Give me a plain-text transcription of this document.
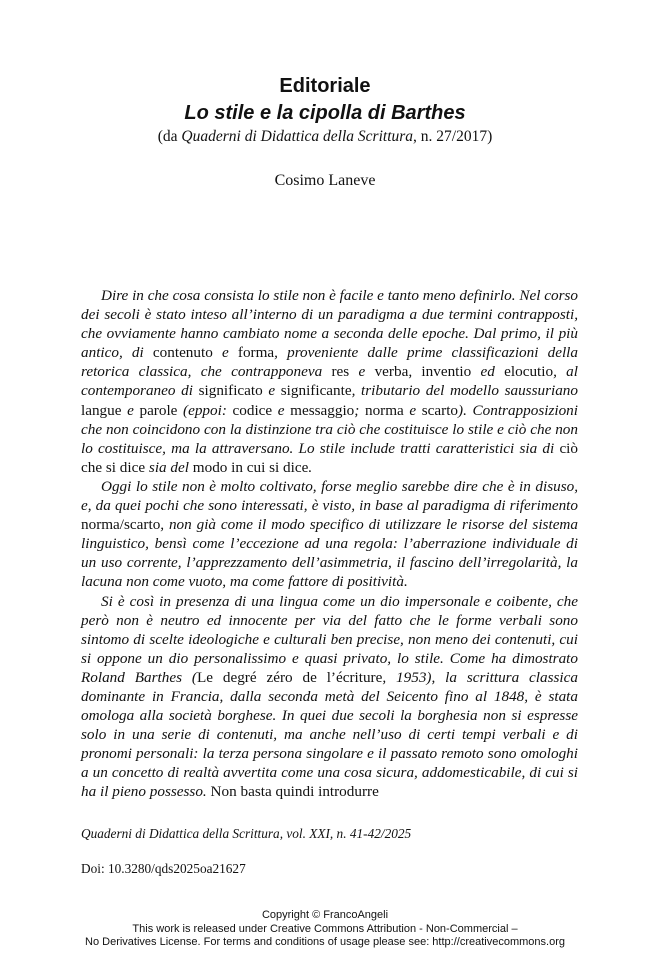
Editoriale
Lo stile e la cipolla di Barthes
(da Quaderni di Didattica della Scrittura, n. 27/2017)
Cosimo Laneve

Dire in che cosa consista lo stile non è facile e tanto meno definirlo. Nel corso dei secoli è stato inteso all’interno di un paradigma a due termini contrapposti, che ovviamente hanno cambiato nome a seconda delle epoche. Dal primo, il più antico, di contenuto e forma, proveniente dalle prime classificazioni della retorica classica, che contrapponeva res e verba, inventio ed elocutio, al contemporaneo di significato e significante, tributario del modello saussuriano langue e parole (eppoi: codice e messaggio; norma e scarto). Contrapposizioni che non coincidono con la distinzione tra ciò che costituisce lo stile e ciò che non lo costituisce, ma la attraversano. Lo stile include tratti caratteristici sia di ciò che si dice sia del modo in cui si dice.

Oggi lo stile non è molto coltivato, forse meglio sarebbe dire che è in disuso, e, da quei pochi che sono interessati, è visto, in base al paradigma di riferimento norma/scarto, non già come il modo specifico di utilizzare le risorse del sistema linguistico, bensì come l’eccezione ad una regola: l’aberrazione individuale di un uso corrente, l’apprezzamento dell’asimmetria, il fascino dell’irregolarità, la lacuna non come vuoto, ma come fattore di positività.

Si è così in presenza di una lingua come un dio impersonale e coibente, che però non è neutro ed innocente per via del fatto che le forme verbali sono sintomo di scelte ideologiche e culturali ben precise, non meno dei contenuti, cui si oppone un dio personalissimo e quasi privato, lo stile. Come ha dimostrato Roland Barthes (Le degré zéro de l’écriture, 1953), la scrittura classica dominante in Francia, dalla seconda metà del Seicento fino al 1848, è stata omologa alla società borghese. In quei due secoli la borghesia non si espresse solo in una serie di contenuti, ma anche nell’uso di certi tempi verbali e di pronomi personali: la terza persona singolare e il passato remoto sono omologhi a un concetto di realtà avvertita come una cosa sicura, addomesticabile, di cui si ha il pieno possesso. Non basta quindi introdurre

Quaderni di Didattica della Scrittura, vol. XXI, n. 41-42/2025
Doi: 10.3280/qds2025oa21627
Copyright © FrancoAngeli
This work is released under Creative Commons Attribution - Non-Commercial –
No Derivatives License. For terms and conditions of usage please see: http://creativecommons.org
